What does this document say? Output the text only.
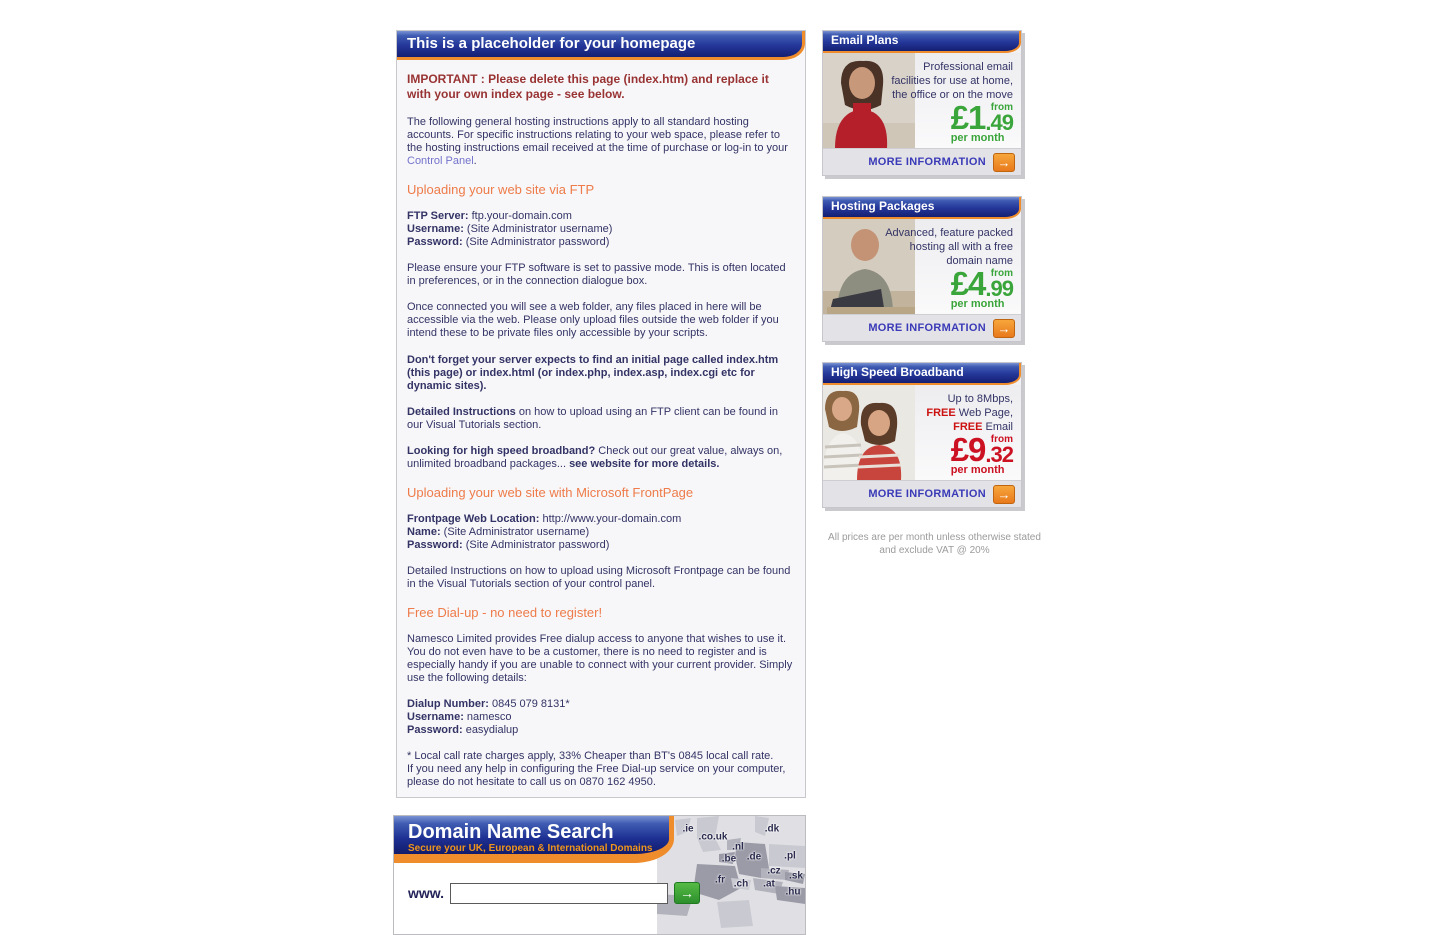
This is a placeholder for your homepage
IMPORTANT : Please delete this page (index.htm) and replace it with your own index page - see below.
The following general hosting instructions apply to all standard hosting accounts. For specific instructions relating to your web space, please refer to the hosting instructions email received at the time of purchase or log-in to your Control Panel.
Uploading your web site via FTP
FTP Server: ftp.your-domain.com
Username: (Site Administrator username)
Password: (Site Administrator password)
Please ensure your FTP software is set to passive mode. This is often located in preferences, or in the connection dialogue box.
Once connected you will see a web folder, any files placed in here will be accessible via the web. Please only upload files outside the web folder if you intend these to be private files only accessible by your scripts.
Don't forget your server expects to find an initial page called index.htm (this page) or index.html (or index.php, index.asp, index.cgi etc for dynamic sites).
Detailed Instructions on how to upload using an FTP client can be found in our Visual Tutorials section.
Looking for high speed broadband? Check out our great value, always on, unlimited broadband packages... see website for more details.
Uploading your web site with Microsoft FrontPage
Frontpage Web Location: http://www.your-domain.com
Name: (Site Administrator username)
Password: (Site Administrator password)
Detailed Instructions on how to upload using Microsoft Frontpage can be found in the Visual Tutorials section of your control panel.
Free Dial-up - no need to register!
Namesco Limited provides Free dialup access to anyone that wishes to use it. You do not even have to be a customer, there is no need to register and is especially handy if you are unable to connect with your current provider. Simply use the following details:
Dialup Number: 0845 079 8131*
Username: namesco
Password: easydialup
* Local call rate charges apply, 33% Cheaper than BT's 0845 local call rate.
If you need any help in configuring the Free Dial-up service on your computer, please do not hesitate to call us on 0870 162 4950.
Email Plans
Professional email
facilities for use at home,
the office or on the move
£1 from
.49
per month
MORE INFORMATION →
Hosting Packages
Advanced, feature packed
hosting all with a free
domain name
£4 from
.99
per month
MORE INFORMATION →
High Speed Broadband
Up to 8Mbps,
FREE Web Page,
FREE Email
£9 from
.32
per month
MORE INFORMATION →
All prices are per month unless otherwise stated
and exclude VAT @ 20%
.ie
.co.uk
.dk
.nl
.be .de .pl
.cz .sk
.fr .ch .at
.hu
Domain Name Search
Secure your UK, European & International Domains
www.	→
